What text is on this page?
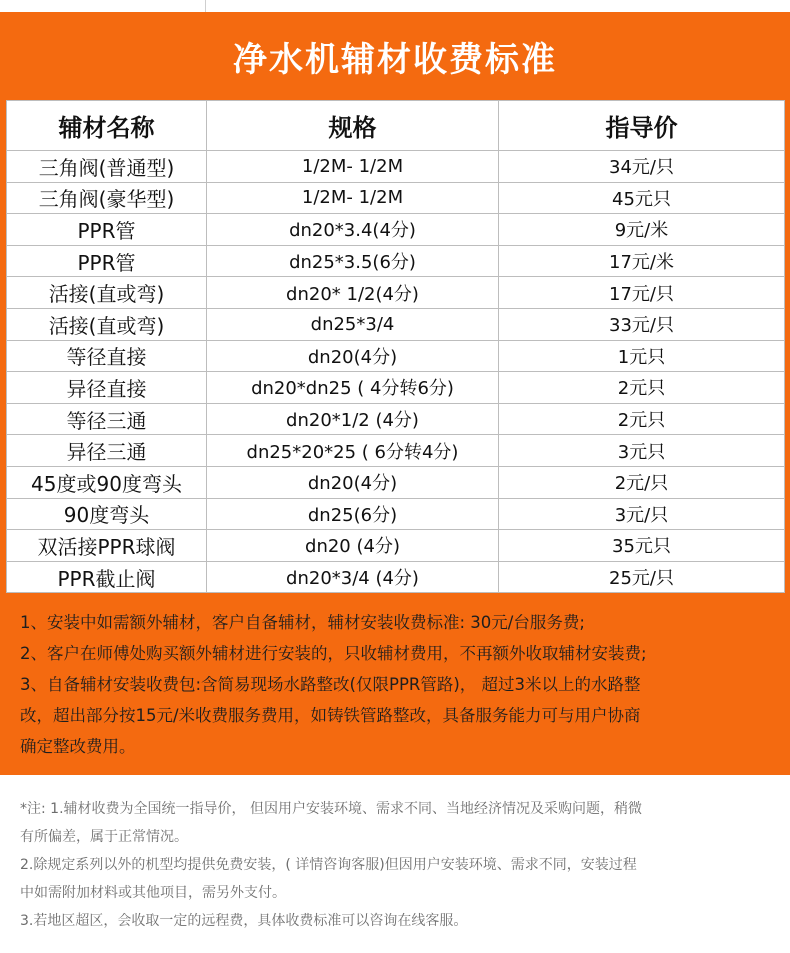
净水机辅材收费标准
辅材名称	规格	指导价
三角阀(普通型)	1/2M- 1/2M	34元/只
三角阀(豪华型)	1/2M- 1/2M	45元只
PPR管	dn20*3.4(4分)	9元/米
PPR管	dn25*3.5(6分)	17元/米
活接(直或弯)	dn20* 1/2(4分)	17元/只
活接(直或弯)	dn25*3/4	33元/只
等径直接	dn20(4分)	1元只
异径直接	dn20*dn25 ( 4分转6分)	2元只
等径三通	dn20*1/2 (4分)	2元只
异径三通	dn25*20*25 ( 6分转4分)	3元只
45度或90度弯头	dn20(4分)	2元/只
90度弯头	dn25(6分)	3元/只
双活接PPR球阀	dn20 (4分)	35元只
PPR截止阀	dn20*3/4 (4分)	25元/只

1、安装中如需额外辅材，客户自备辅材，辅材安装收费标准: 30元/台服务费;

2、客户在师傅处购买额外辅材进行安装的，只收辅材费用，不再额外收取辅材安装费;

3、自备辅材安装收费包:含简易现场水路整改(仅限PPR管路)， 超过3米以上的水路整

改，超出部分按15元/米收费服务费用，如铸铁管路整改，具备服务能力可与用户协商

确定整改费用。

*注: 1.辅材收费为全国统一指导价， 但因用户安装环境、需求不同、当地经济情况及采购问题，稍微

有所偏差，属于正常情况。

2.除规定系列以外的机型均提供免费安装，( 详情咨询客服)但因用户安装环境、需求不同，安装过程

中如需附加材料或其他项目，需另外支付。

3.若地区超区，会收取一定的远程费，具体收费标准可以咨询在线客服。
